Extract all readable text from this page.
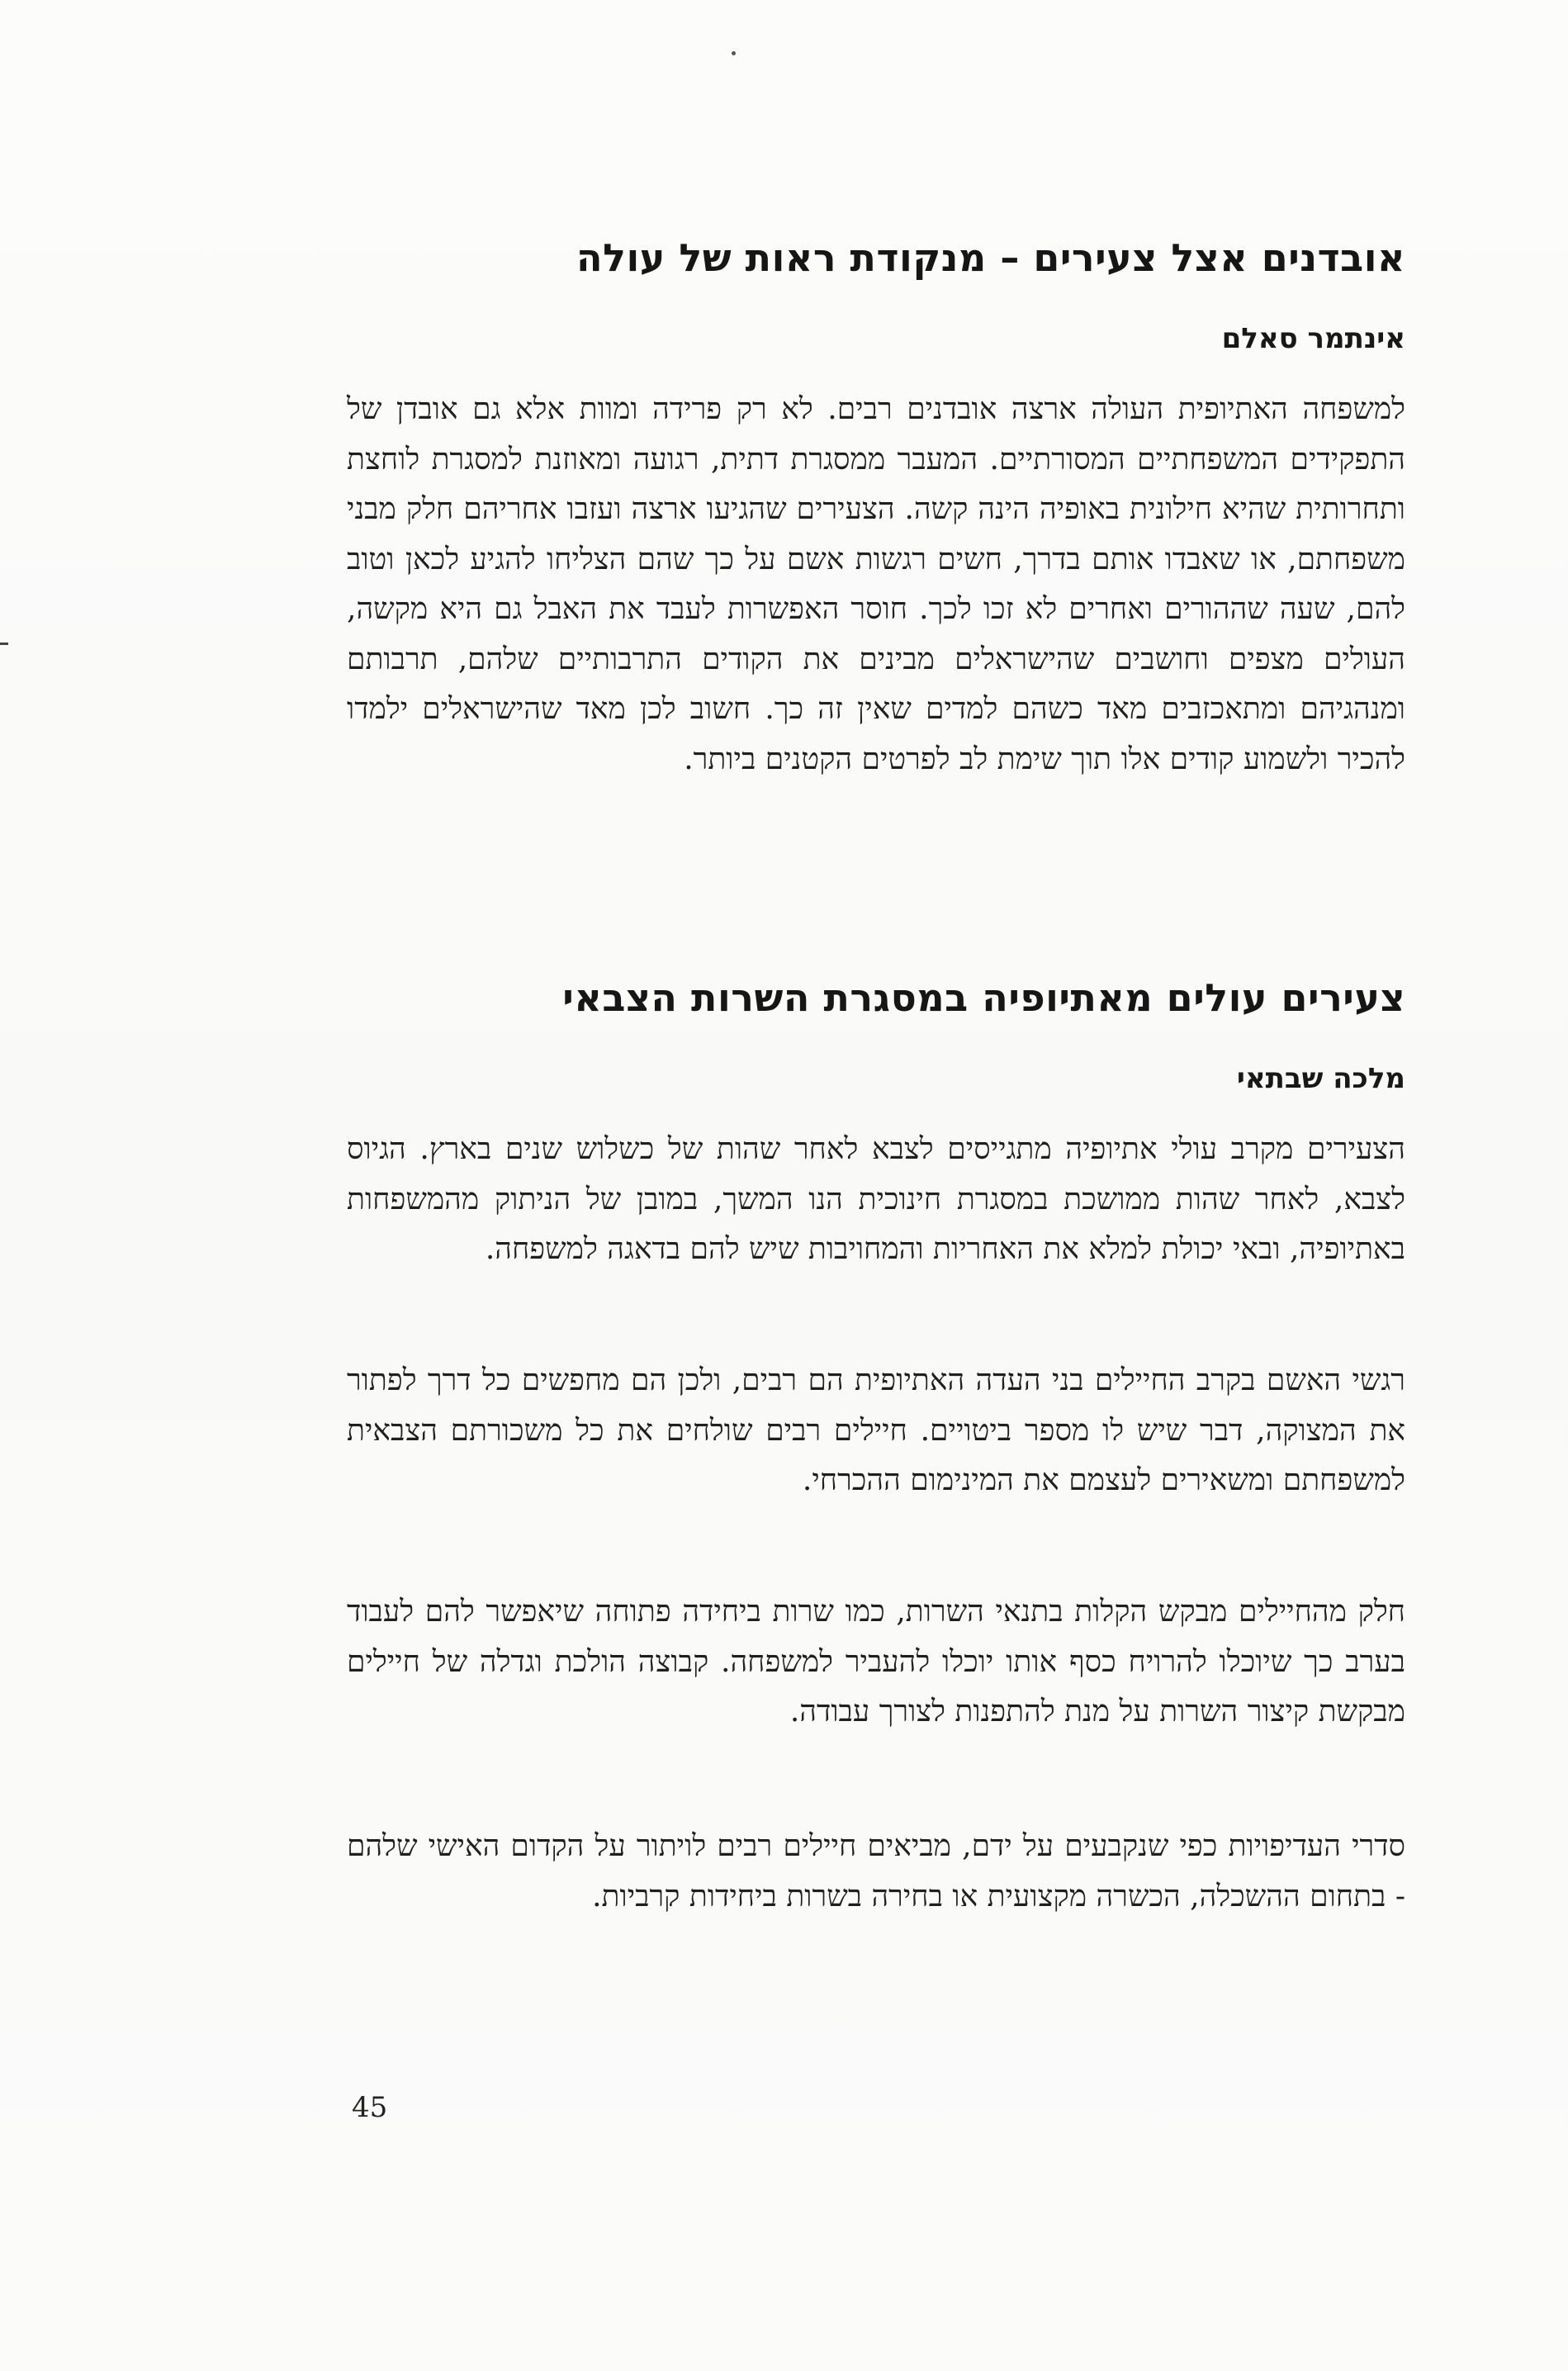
אובדנים אצל צעירים – מנקודת ראות של עולה
אינתמר סאלם

למשפחה האתיופית העולה ארצה אובדנים רבים. לא רק פרידה ומוות אלא גם אובדן של התפקידים המשפחתיים המסורתיים. המעבר ממסגרת דתית, רגועה ומאוזנת למסגרת לוחצת ותחרותית שהיא חילונית באופיה הינה קשה. הצעירים שהגיעו ארצה ועזבו אחריהם חלק מבני משפחתם, או שאבדו אותם בדרך, חשים רגשות אשם על כך שהם הצליחו להגיע לכאן וטוב להם, שעה שההורים ואחרים לא זכו לכך. חוסר האפשרות לעבד את האבל גם היא מקשה, העולים מצפים וחושבים שהישראלים מבינים את הקודים התרבותיים שלהם, תרבותם ומנהגיהם ומתאכזבים מאד כשהם למדים שאין זה כך. חשוב לכן מאד שהישראלים ילמדו להכיר ולשמוע קודים אלו תוך שימת לב לפרטים הקטנים ביותר.

צעירים עולים מאתיופיה במסגרת השרות הצבאי
מלכה שבתאי

הצעירים מקרב עולי אתיופיה מתגייסים לצבא לאחר שהות של כשלוש שנים בארץ. הגיוס לצבא, לאחר שהות ממושכת במסגרת חינוכית הנו המשך, במובן של הניתוק מהמשפחות באתיופיה, ובאי יכולת למלא את האחריות והמחויבות שיש להם בדאגה למשפחה.

רגשי האשם בקרב החיילים בני העדה האתיופית הם רבים, ולכן הם מחפשים כל דרך לפתור את המצוקה, דבר שיש לו מספר ביטויים. חיילים רבים שולחים את כל משכורתם הצבאית למשפחתם ומשאירים לעצמם את המינימום ההכרחי.

חלק מהחיילים מבקש הקלות בתנאי השרות, כמו שרות ביחידה פתוחה שיאפשר להם לעבוד בערב כך שיוכלו להרויח כסף אותו יוכלו להעביר למשפחה. קבוצה הולכת וגדלה של חיילים מבקשת קיצור השרות על מנת להתפנות לצורך עבודה.

סדרי העדיפויות כפי שנקבעים על ידם, מביאים חיילים רבים לויתור על הקדום האישי שלהם - בתחום ההשכלה, הכשרה מקצועית או בחירה בשרות ביחידות קרביות.

45
